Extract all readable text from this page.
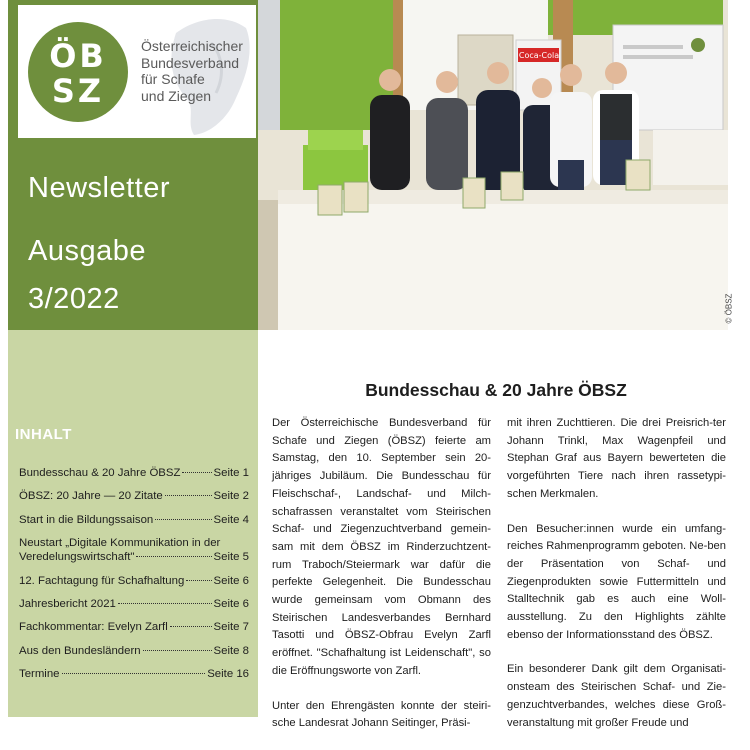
ÖB
SZ
Österreichischer
Bundesverband
für Schafe
und Ziegen
Newsletter
Ausgabe
3/2022
INHALT
Bundesschau & 20 Jahre ÖBSZ	Seite 1
ÖBSZ: 20 Jahre — 20 Zitate	Seite 2
Start in die Bildungssaison	Seite 4
Neustart „Digitale Kommunikation in der
Veredelungswirtschaft"	Seite 5
12. Fachtagung für Schafhaltung	Seite 6
Jahresbericht 2021	Seite 6
Fachkommentar: Evelyn Zarfl	Seite 7
Aus den Bundesländern	Seite 8
Termine	Seite 16
Coca-Cola
© ÖBSZ
Bundesschau & 20 Jahre ÖBSZ

Der Österreichische Bundesverband für Schafe und Ziegen (ÖBSZ) feierte am Samstag, den 10. September sein 20-jähriges Jubiläum. Die Bundesschau für Fleischschaf-, Landschaf- und Milch-schafrassen veranstaltet vom Steirischen Schaf- und Ziegenzuchtverband gemein-sam mit dem ÖBSZ im Rinderzuchtzent-rum Traboch/Steiermark war dafür die perfekte Gelegenheit. Die Bundesschau wurde gemeinsam vom Obmann des Steirischen Landesverbandes Bernhard Tasotti und ÖBSZ-Obfrau Evelyn Zarfl eröffnet. "Schafhaltung ist Leidenschaft", so die Eröffnungsworte von Zarfl.

Unter den Ehrengästen konnte der steiri-sche Landesrat Johann Seitinger, Präsi-

mit ihren Zuchttieren. Die drei Preisrich-ter Johann Trinkl, Max Wagenpfeil und Stephan Graf aus Bayern bewerteten die vorgeführten Tiere nach ihren rassetypi-schen Merkmalen.

Den Besucher:innen wurde ein umfang-reiches Rahmenprogramm geboten. Ne-ben der Präsentation von Schaf- und Ziegenprodukten sowie Futtermitteln und Stalltechnik gab es auch eine Woll-ausstellung. Zu den Highlights zählte ebenso der Informationsstand des ÖBSZ.

Ein besonderer Dank gilt dem Organisati-onsteam des Steirischen Schaf- und Zie-genzuchtverbandes, welches diese Groß-veranstaltung mit großer Freude und
